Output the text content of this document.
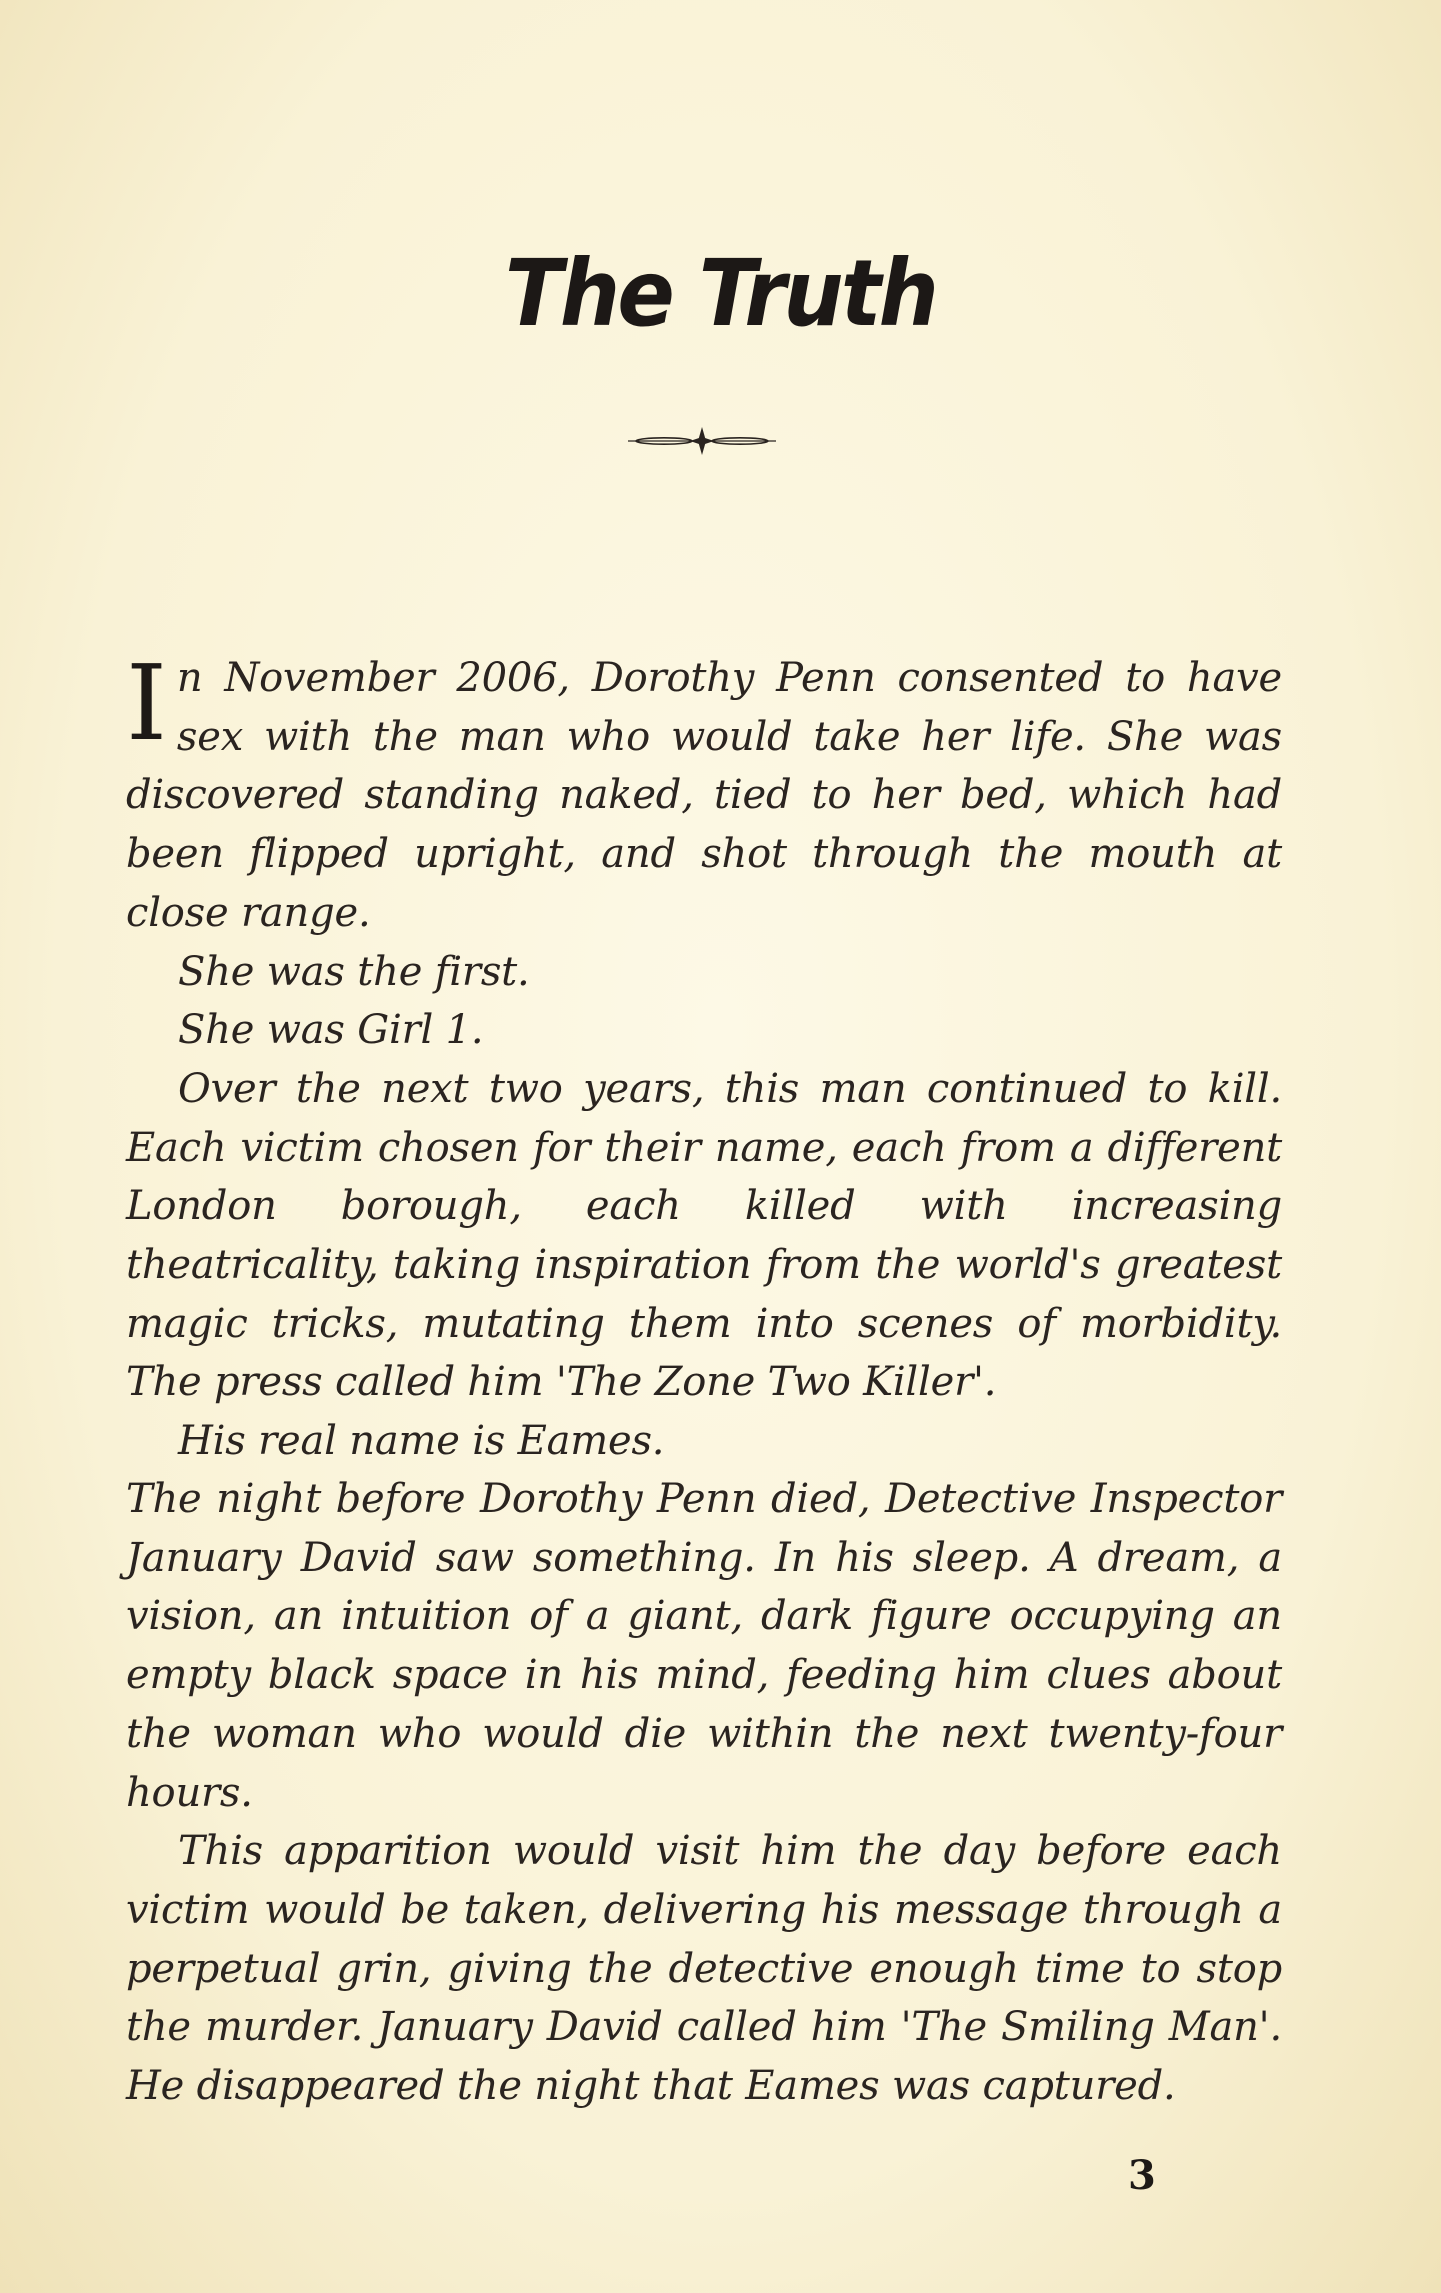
The Truth

In November 2006, Dorothy Penn consented to have sex with the man who would take her life. She was discovered standing naked, tied to her bed, which had been flipped upright, and shot through the mouth at close range.

She was the first.

She was Girl 1.

Over the next two years, this man continued to kill. Each victim chosen for their name, each from a different London borough, each killed with increasing theatricality, taking inspiration from the world's greatest magic tricks, mutating them into scenes of morbidity. The press called him 'The Zone Two Killer'.

His real name is Eames.

The night before Dorothy Penn died, Detective Inspector January David saw something. In his sleep. A dream, a vision, an intuition of a giant, dark figure occupying an empty black space in his mind, feeding him clues about the woman who would die within the next twenty-four hours.

This apparition would visit him the day before each victim would be taken, delivering his message through a perpetual grin, giving the detective enough time to stop the murder. January David called him 'The Smiling Man'. He disappeared the night that Eames was captured.

3
